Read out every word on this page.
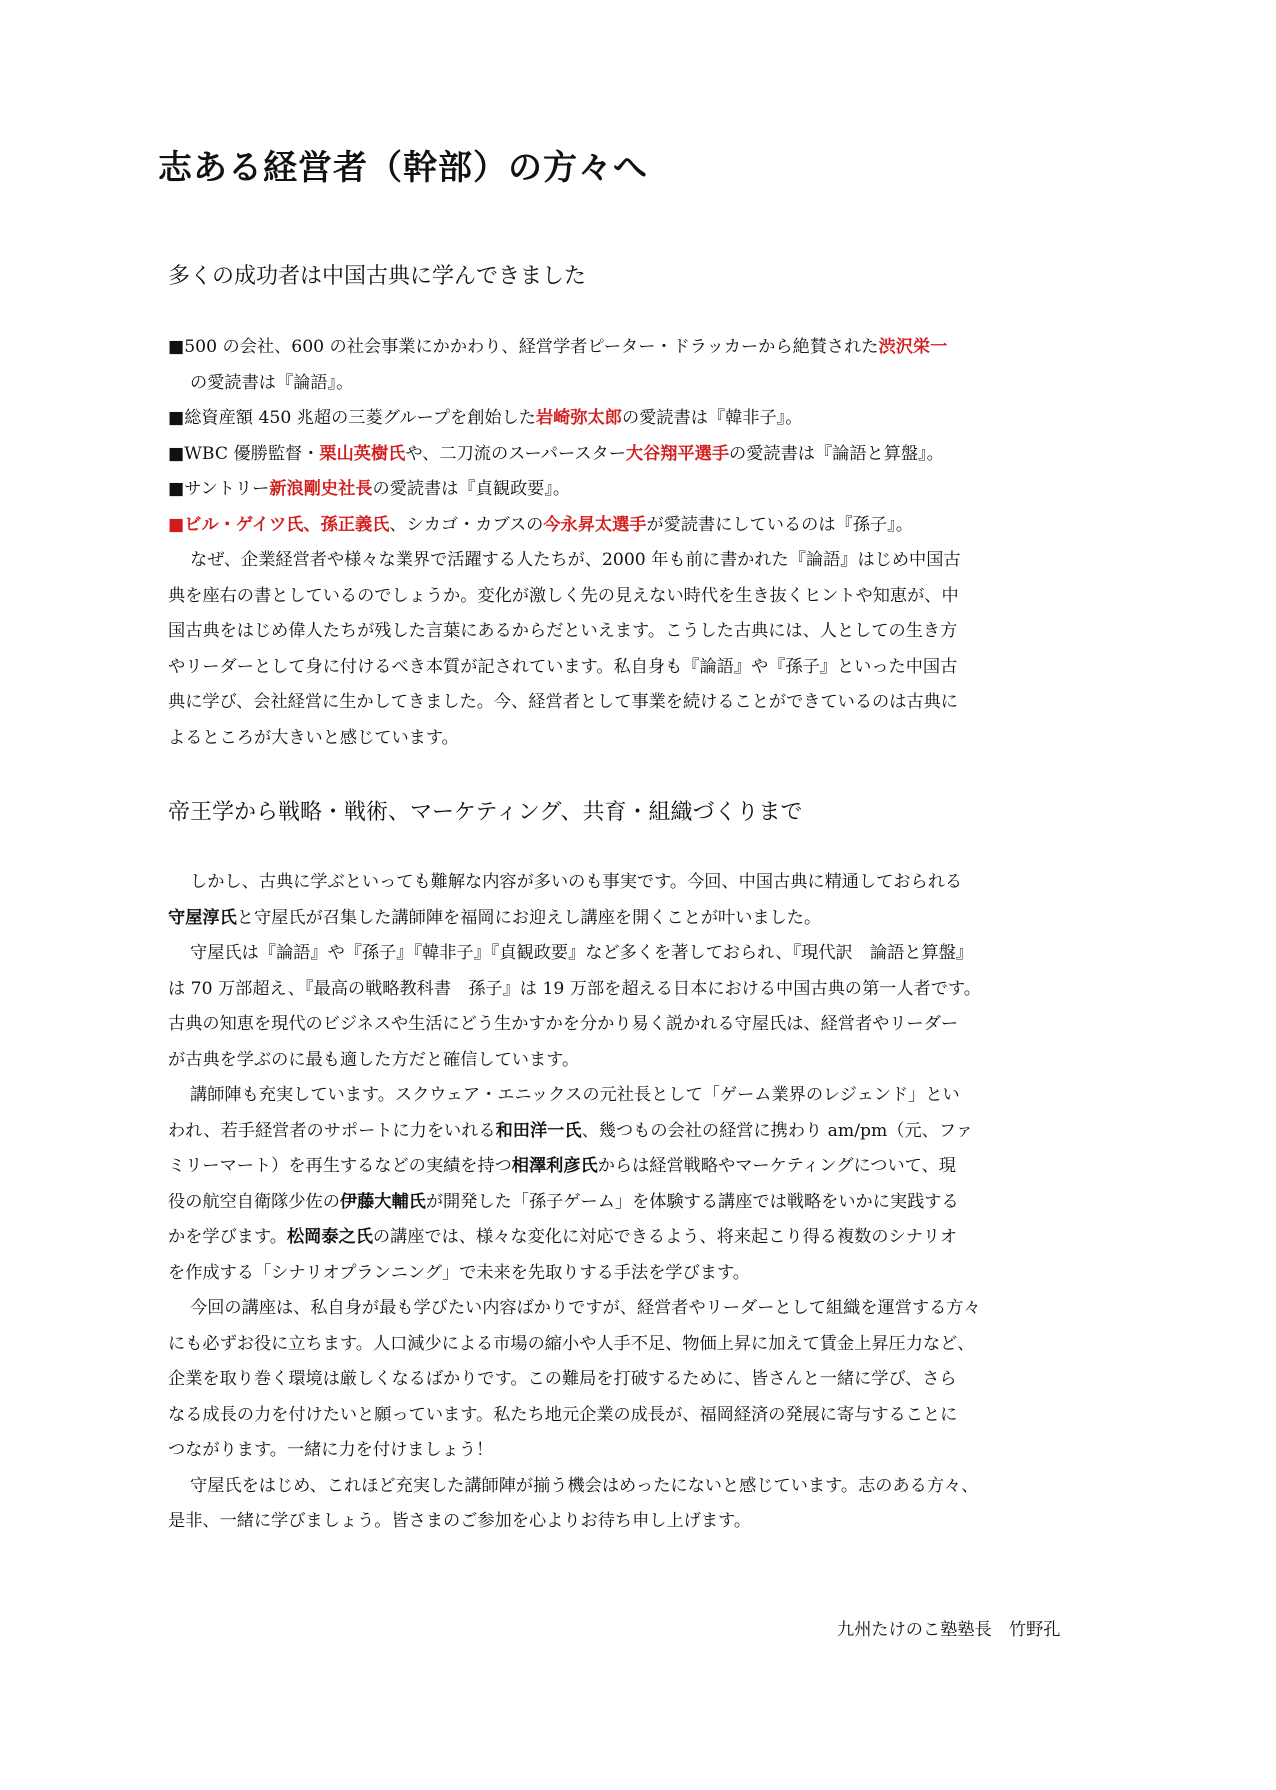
志ある経営者（幹部）の方々へ
多くの成功者は中国古典に学んできました
■500 の会社、600 の社会事業にかかわり、経営学者ピーター・ドラッカーから絶賛された渋沢栄一
の愛読書は『論語』。
■総資産額 450 兆超の三菱グループを創始した岩崎弥太郎の愛読書は『韓非子』。
■WBC 優勝監督・栗山英樹氏や、二刀流のスーパースター大谷翔平選手の愛読書は『論語と算盤』。
■サントリー新浪剛史社長の愛読書は『貞観政要』。
■ビル・ゲイツ氏、孫正義氏、シカゴ・カブスの今永昇太選手が愛読書にしているのは『孫子』。
なぜ、企業経営者や様々な業界で活躍する人たちが、2000 年も前に書かれた『論語』はじめ中国古
典を座右の書としているのでしょうか。変化が激しく先の見えない時代を生き抜くヒントや知恵が、中
国古典をはじめ偉人たちが残した言葉にあるからだといえます。こうした古典には、人としての生き方
やリーダーとして身に付けるべき本質が記されています。私自身も『論語』や『孫子』といった中国古
典に学び、会社経営に生かしてきました。今、経営者として事業を続けることができているのは古典に
よるところが大きいと感じています。
帝王学から戦略・戦術、マーケティング、共育・組織づくりまで
しかし、古典に学ぶといっても難解な内容が多いのも事実です。今回、中国古典に精通しておられる
守屋淳氏と守屋氏が召集した講師陣を福岡にお迎えし講座を開くことが叶いました。
守屋氏は『論語』や『孫子』『韓非子』『貞観政要』など多くを著しておられ、『現代訳　論語と算盤』
は 70 万部超え、『最高の戦略教科書　孫子』は 19 万部を超える日本における中国古典の第一人者です。
古典の知恵を現代のビジネスや生活にどう生かすかを分かり易く説かれる守屋氏は、経営者やリーダー
が古典を学ぶのに最も適した方だと確信しています。
講師陣も充実しています。スクウェア・エニックスの元社長として「ゲーム業界のレジェンド」とい
われ、若手経営者のサポートに力をいれる和田洋一氏、幾つもの会社の経営に携わり am/pm（元、ファ
ミリーマート）を再生するなどの実績を持つ相澤利彦氏からは経営戦略やマーケティングについて、現
役の航空自衛隊少佐の伊藤大輔氏が開発した「孫子ゲーム」を体験する講座では戦略をいかに実践する
かを学びます。松岡泰之氏の講座では、様々な変化に対応できるよう、将来起こり得る複数のシナリオ
を作成する「シナリオプランニング」で未来を先取りする手法を学びます。
今回の講座は、私自身が最も学びたい内容ばかりですが、経営者やリーダーとして組織を運営する方々
にも必ずお役に立ちます。人口減少による市場の縮小や人手不足、物価上昇に加えて賃金上昇圧力など、
企業を取り巻く環境は厳しくなるばかりです。この難局を打破するために、皆さんと一緒に学び、さら
なる成長の力を付けたいと願っています。私たち地元企業の成長が、福岡経済の発展に寄与することに
つながります。一緒に力を付けましょう！
守屋氏をはじめ、これほど充実した講師陣が揃う機会はめったにないと感じています。志のある方々、
是非、一緒に学びましょう。皆さまのご参加を心よりお待ち申し上げます。

九州たけのこ塾塾長　竹野孔
